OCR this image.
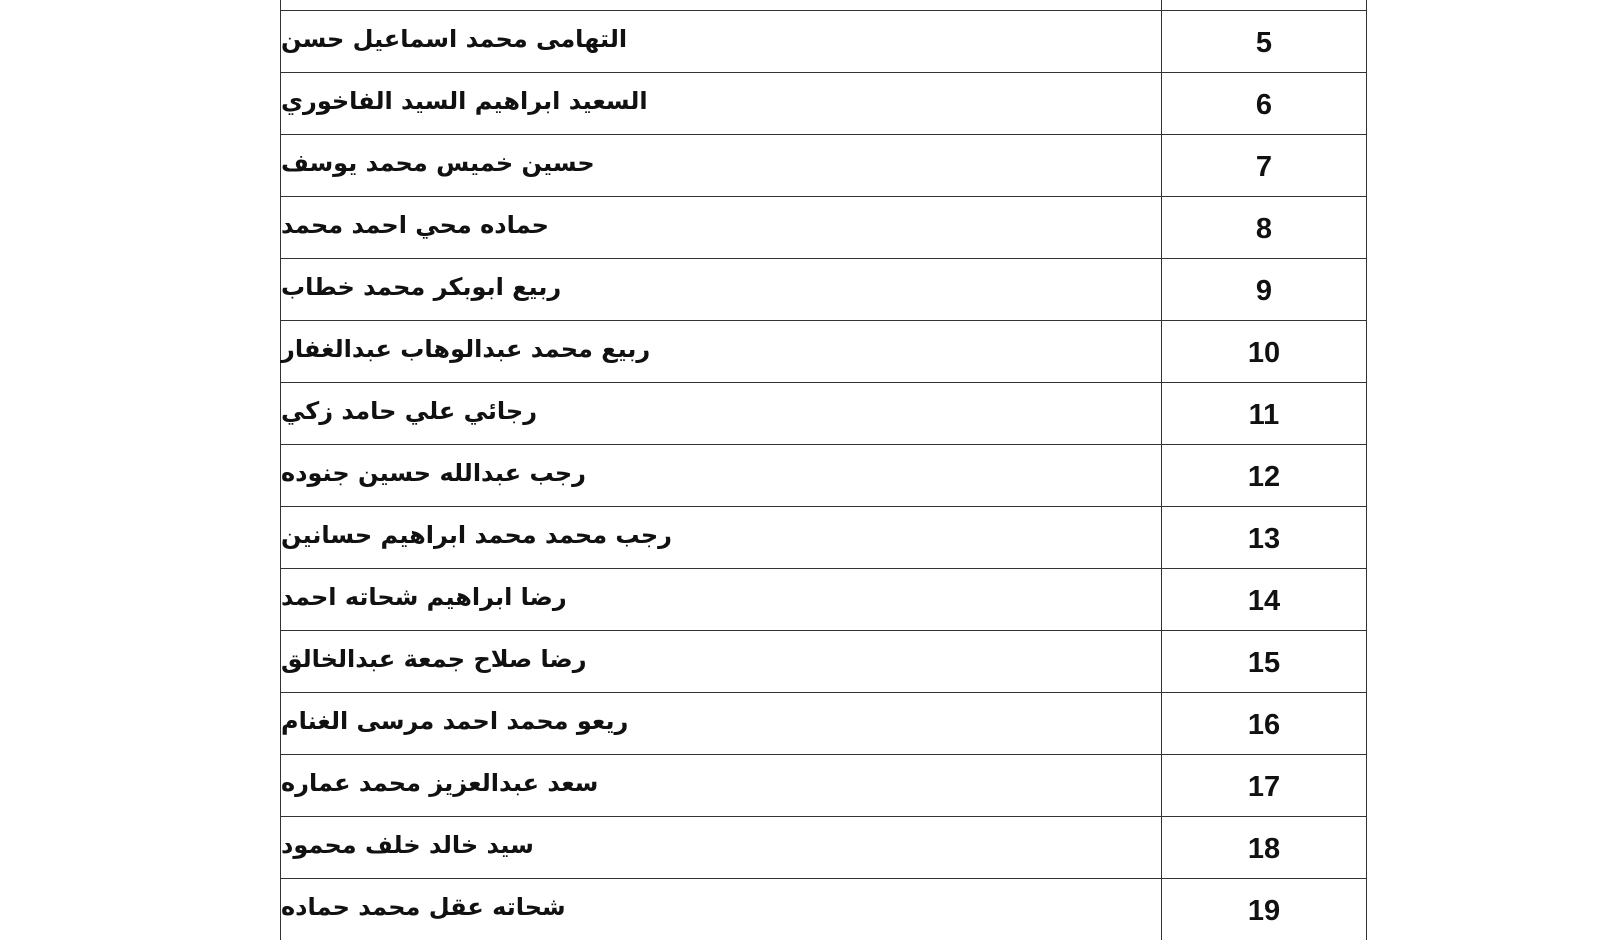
التهامى محمد اسماعيل حسن	5
السعيد ابراهيم السيد الفاخوري	6
حسين خميس محمد يوسف	7
حماده محي احمد محمد	8
ربيع ابوبكر محمد خطاب	9
ربيع محمد عبدالوهاب عبدالغفار	10
رجائي علي حامد زكي	11
رجب عبدالله حسين جنوده	12
رجب محمد محمد ابراهيم حسانين	13
رضا ابراهيم شحاته احمد	14
رضا صلاح جمعة عبدالخالق	15
ريعو محمد احمد مرسى الغنام	16
سعد عبدالعزيز محمد عماره	17
سيد خالد خلف محمود	18
شحاته عقل محمد حماده	19
